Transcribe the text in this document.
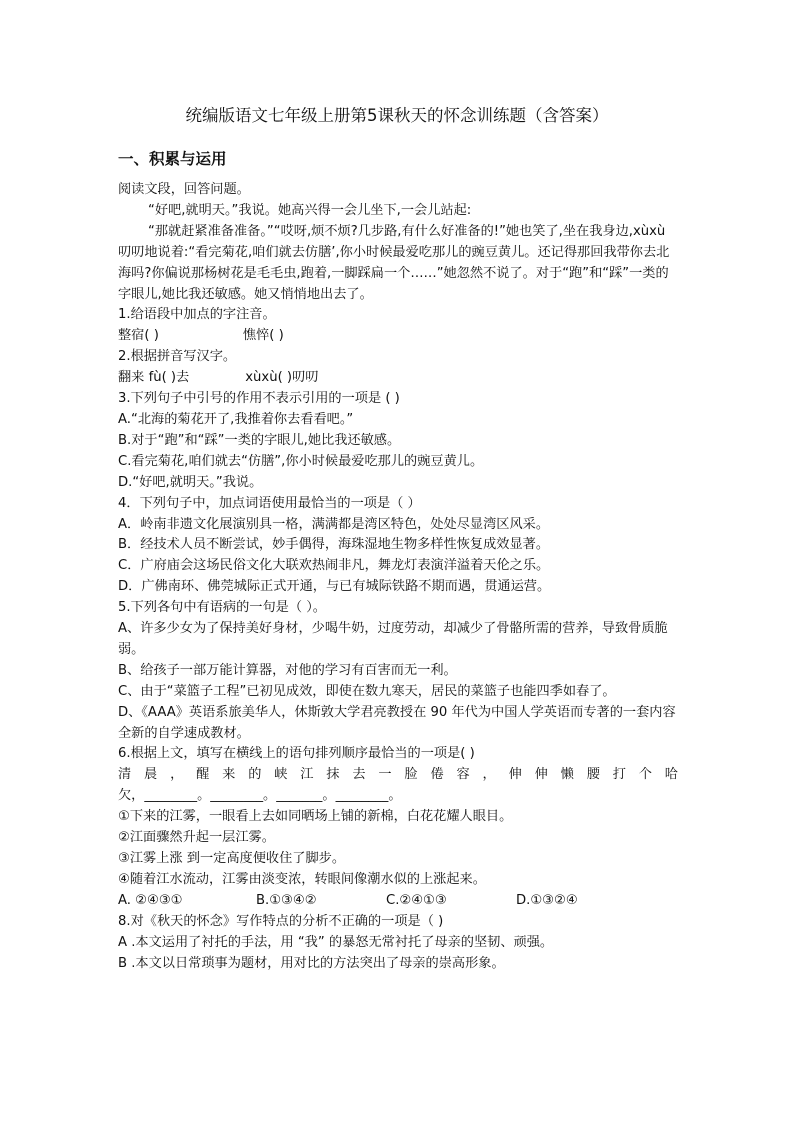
统编版语文七年级上册第5课秋天的怀念训练题（含答案）
一、积累与运用

阅读文段，回答问题。

“好吧,就明天。”我说。她高兴得一会儿坐下,一会儿站起:

“那就赶紧准备准备。”“哎呀,烦不烦?几步路,有什么好准备的!”她也笑了,坐在我身边,xùxù 叨叨地说着:“看完菊花,咱们就去仿膳’,你小时候最爱吃那儿的豌豆黄儿。还记得那回我带你去北海吗?你偏说那杨树花是毛毛虫,跑着,一脚踩扁一个……”她忽然不说了。对于“跑”和“踩”一类的字眼儿,她比我还敏感。她又悄悄地出去了。

1.给语段中加点的字注音。

整宿( )	憔悴( )

2.根据拼音写汉字。

翻来 fù( )去	xùxù( )叨叨

3.下列句子中引号的作用不表示引用的一项是 ( )

A.“北海的菊花开了,我推着你去看看吧。”

B.对于“跑”和“踩”一类的字眼儿,她比我还敏感。

C.看完菊花,咱们就去“仿膳”,你小时候最爱吃那儿的豌豆黄儿。

D.“好吧,就明天。”我说。

4．下列句子中，加点词语使用最恰当的一项是（ ）

A．岭南非遗文化展演别具一格，满满都是湾区特色，处处尽显湾区风采。

B．经技术人员不断尝试，妙手偶得，海珠湿地生物多样性恢复成效显著。

C．广府庙会这场民俗文化大联欢热闹非凡，舞龙灯表演洋溢着天伦之乐。

D．广佛南环、佛莞城际正式开通，与已有城际铁路不期而遇，贯通运营。

5.下列各句中有语病的一句是（ ）。

A、许多少女为了保持美好身材，少喝牛奶，过度劳动，却减少了骨骼所需的营养，导致骨质脆弱。

B、给孩子一部万能计算器，对他的学习有百害而无一利。

C、由于“菜篮子工程”已初见成效，即使在数九寒天，居民的菜篮子也能四季如春了。

D、《AAA》英语系旅美华人，休斯敦大学君亮教授在 90 年代为中国人学英语而专著的一套内容全新的自学速成教材。

6.根据上文，填写在横线上的语句排列顺序最恰当的一项是( )

清晨，醒来的峡江抹去一脸倦容，伸伸懒腰打个哈

欠，________。________。_______。________。

①下来的江雾，一眼看上去如同晒场上铺的新棉，白花花耀人眼目。

②江面骤然升起一层江雾。

③江雾上涨 到一定高度便收住了脚步。

④随着江水流动，江雾由淡变浓，转眼间像潮水似的上涨起来。

A. ②④③①	B.①③④②	C.②④①③	D.①③②④

8.对《秋天的怀念》写作特点的分析不正确的一项是（ )

A .本文运用了衬托的手法，用 “我” 的暴怒无常衬托了母亲的坚韧、顽强。

B .本文以日常琐事为题材，用对比的方法突出了母亲的崇高形象。
